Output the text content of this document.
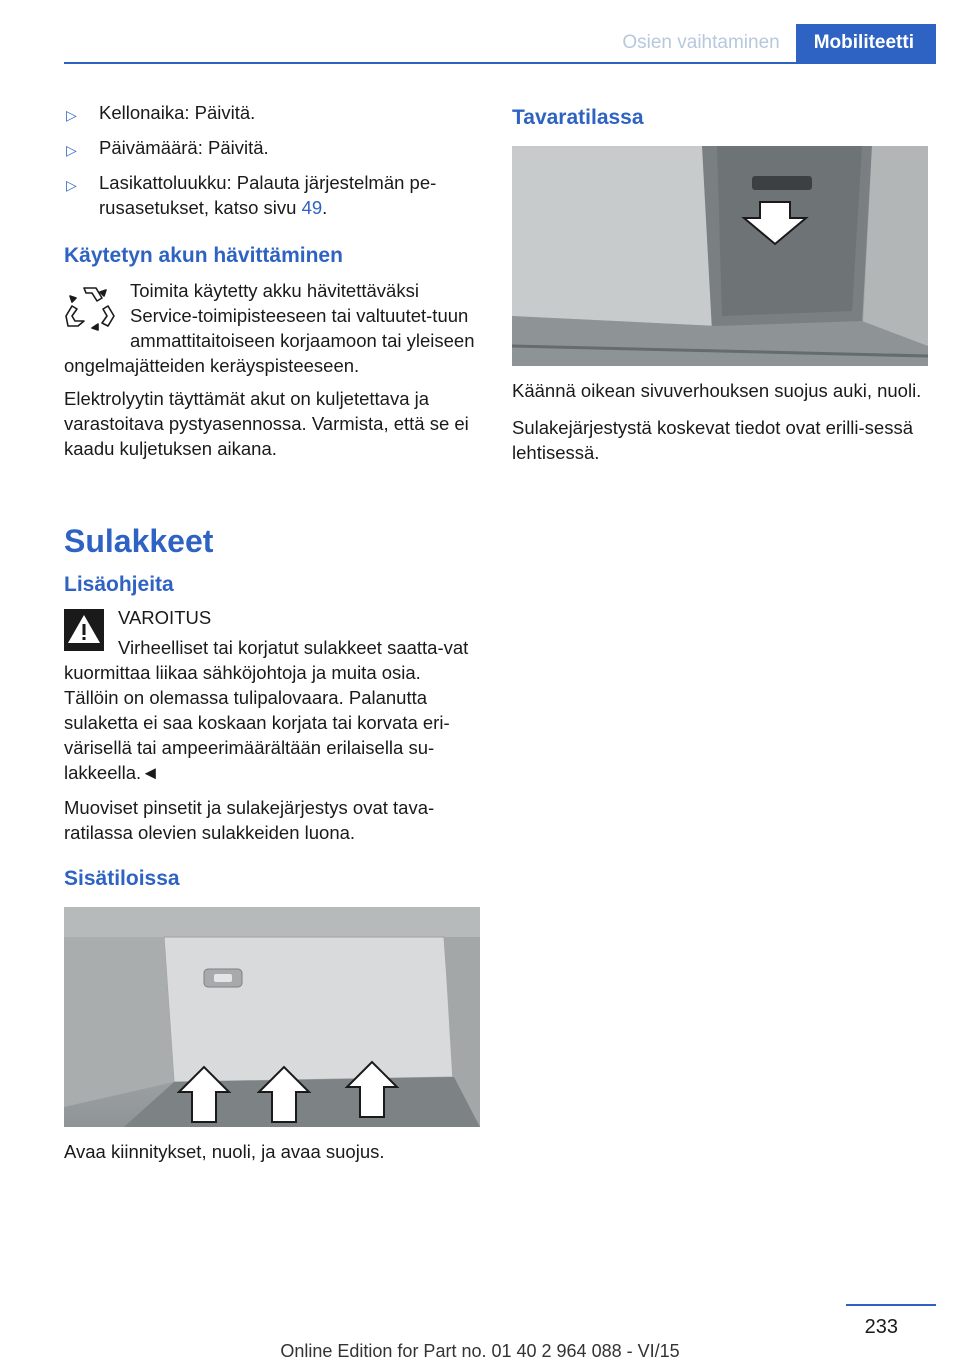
Osien vaihtaminen	Mobiliteetti
▷ Kellonaika: Päivitä.
▷ Päivämäärä: Päivitä.
▷ Lasikattoluukku: Palauta järjestelmän pe‐rusasetukset, katso sivu 49.
Käytetyn akun hävittäminen

Toimita käytetty akku hävitettäväksi Service-toimipisteeseen tai valtuutet‐tuun ammattitaitoiseen korjaamoon tai yleiseen ongelmajätteiden keräyspisteeseen.

Elektrolyytin täyttämät akut on kuljetettava ja varastoitava pystyasennossa. Varmista, että se ei kaadu kuljetuksen aikana.

Sulakkeet
Lisäohjeita

VAROITUS

Virheelliset tai korjatut sulakkeet saatta‐vat kuormittaa liikaa sähköjohtoja ja muita osia. Tällöin on olemassa tulipalovaara. Palanutta sulaketta ei saa koskaan korjata tai korvata eri‐värisellä tai ampeerimäärältään erilaisella su‐lakkeella.◄

Muoviset pinsetit ja sulakejärjestys ovat tava‐ratilassa olevien sulakkeiden luona.

Sisätiloissa

Avaa kiinnitykset, nuoli, ja avaa suojus.

Tavaratilassa

Käännä oikean sivuverhouksen suojus auki, nuoli.

Sulakejärjestystä koskevat tiedot ovat erilli‐sessä lehtisessä.

233
Online Edition for Part no. 01 40 2 964 088 - VI/15
